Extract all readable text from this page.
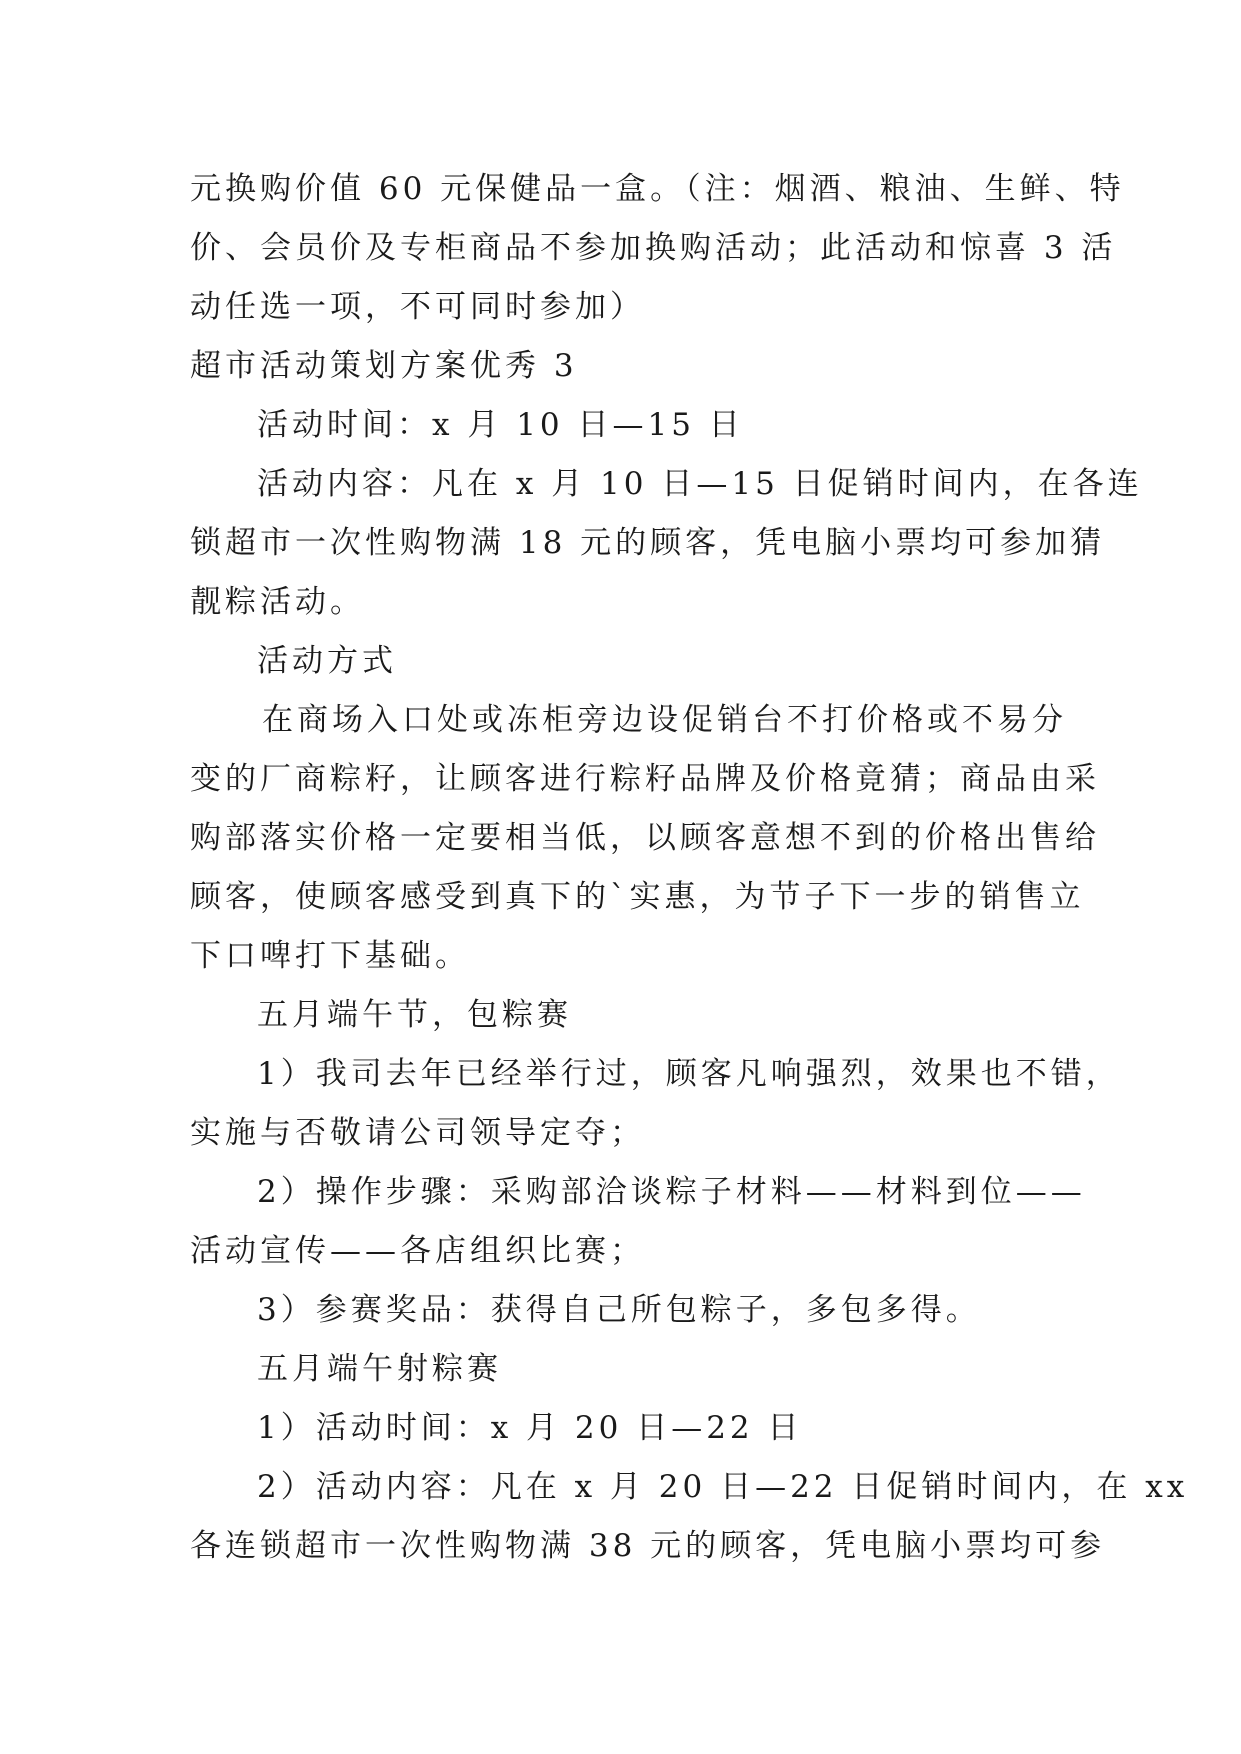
元换购价值 60 元保健品一盒。（注：烟酒、粮油、生鲜、特
价、会员价及专柜商品不参加换购活动；此活动和惊喜 3 活
动任选一项，不可同时参加）
超市活动策划方案优秀 3
活动时间：x 月 10 日—15 日
活动内容：凡在 x 月 10 日—15 日促销时间内，在各连
锁超市一次性购物满 18 元的顾客，凭电脑小票均可参加猜
靓粽活动。
活动方式
在商场入口处或冻柜旁边设促销台不打价格或不易分
变的厂商粽籽，让顾客进行粽籽品牌及价格竟猜；商品由采
购部落实价格一定要相当低，以顾客意想不到的价格出售给
顾客，使顾客感受到真下的`实惠，为节子下一步的销售立
下口啤打下基础。
五月端午节，包粽赛
1）我司去年已经举行过，顾客凡响强烈，效果也不错，
实施与否敬请公司领导定夺；
2）操作步骤：采购部洽谈粽子材料——材料到位——
活动宣传——各店组织比赛；
3）参赛奖品：获得自己所包粽子，多包多得。
五月端午射粽赛
1）活动时间：x 月 20 日—22 日
2）活动内容：凡在 x 月 20 日—22 日促销时间内，在 xx
各连锁超市一次性购物满 38 元的顾客，凭电脑小票均可参
